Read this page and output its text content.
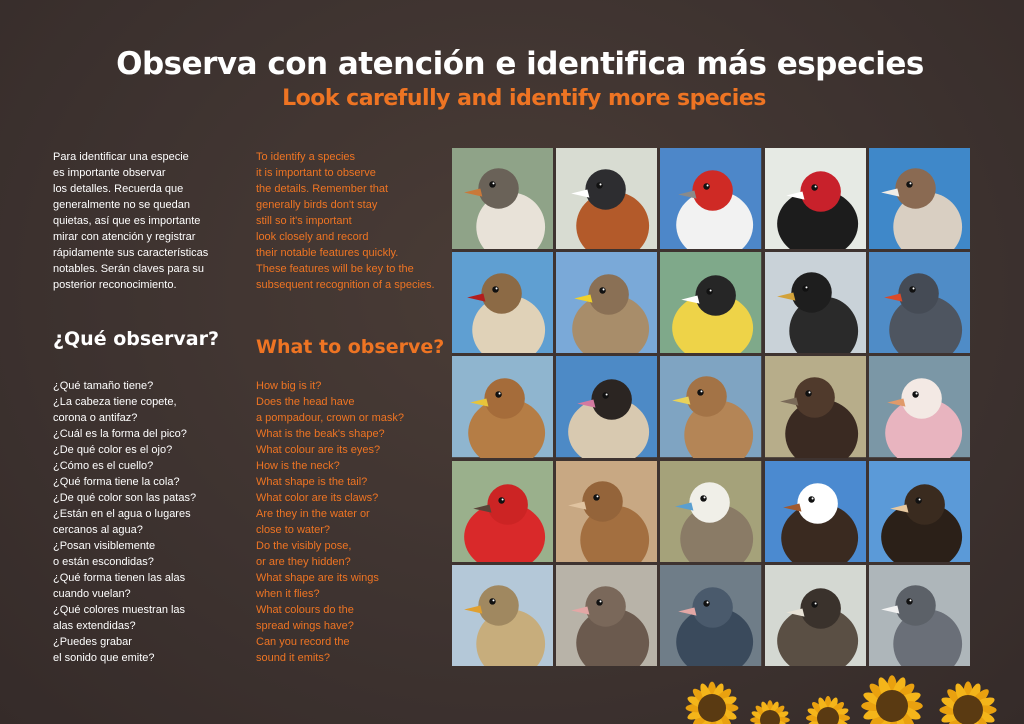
Observa con atención e identifica más especies
Look carefully and identify more species

Para identificar una especie

es importante observar

los detalles. Recuerda que

generalmente no se quedan

quietas, así que es importante

mirar con atención y registrar

rápidamente sus características

notables. Serán claves para su

posterior reconocimiento.

To identify a species

it is important to observe

the details. Remember that

generally birds don't stay

still so it's important

look closely and record

their notable features quickly.

These features will be key to the

subsequent recognition of a species.

¿Qué observar? What to observe?

¿Qué tamaño tiene?

¿La cabeza tiene copete,

corona o antifaz?

¿Cuál es la forma del pico?

¿De qué color es el ojo?

¿Cómo es el cuello?

¿Qué forma tiene la cola?

¿De qué color son las patas?

¿Están en el agua o lugares

cercanos al agua?

¿Posan visiblemente

o están escondidas?

¿Qué forma tienen las alas

cuando vuelan?

¿Qué colores muestran las

alas extendidas?

¿Puedes grabar

el sonido que emite?

How big is it?

Does the head have

a pompadour, crown or mask?

What is the beak's shape?

What colour are its eyes?

How is the neck?

What shape is the tail?

What color are its claws?

Are they in the water or

close to water?

Do the visibly pose,

or are they hidden?

What shape are its wings

when it flies?

What colours do the

spread wings have?

Can you record the

sound it emits?
